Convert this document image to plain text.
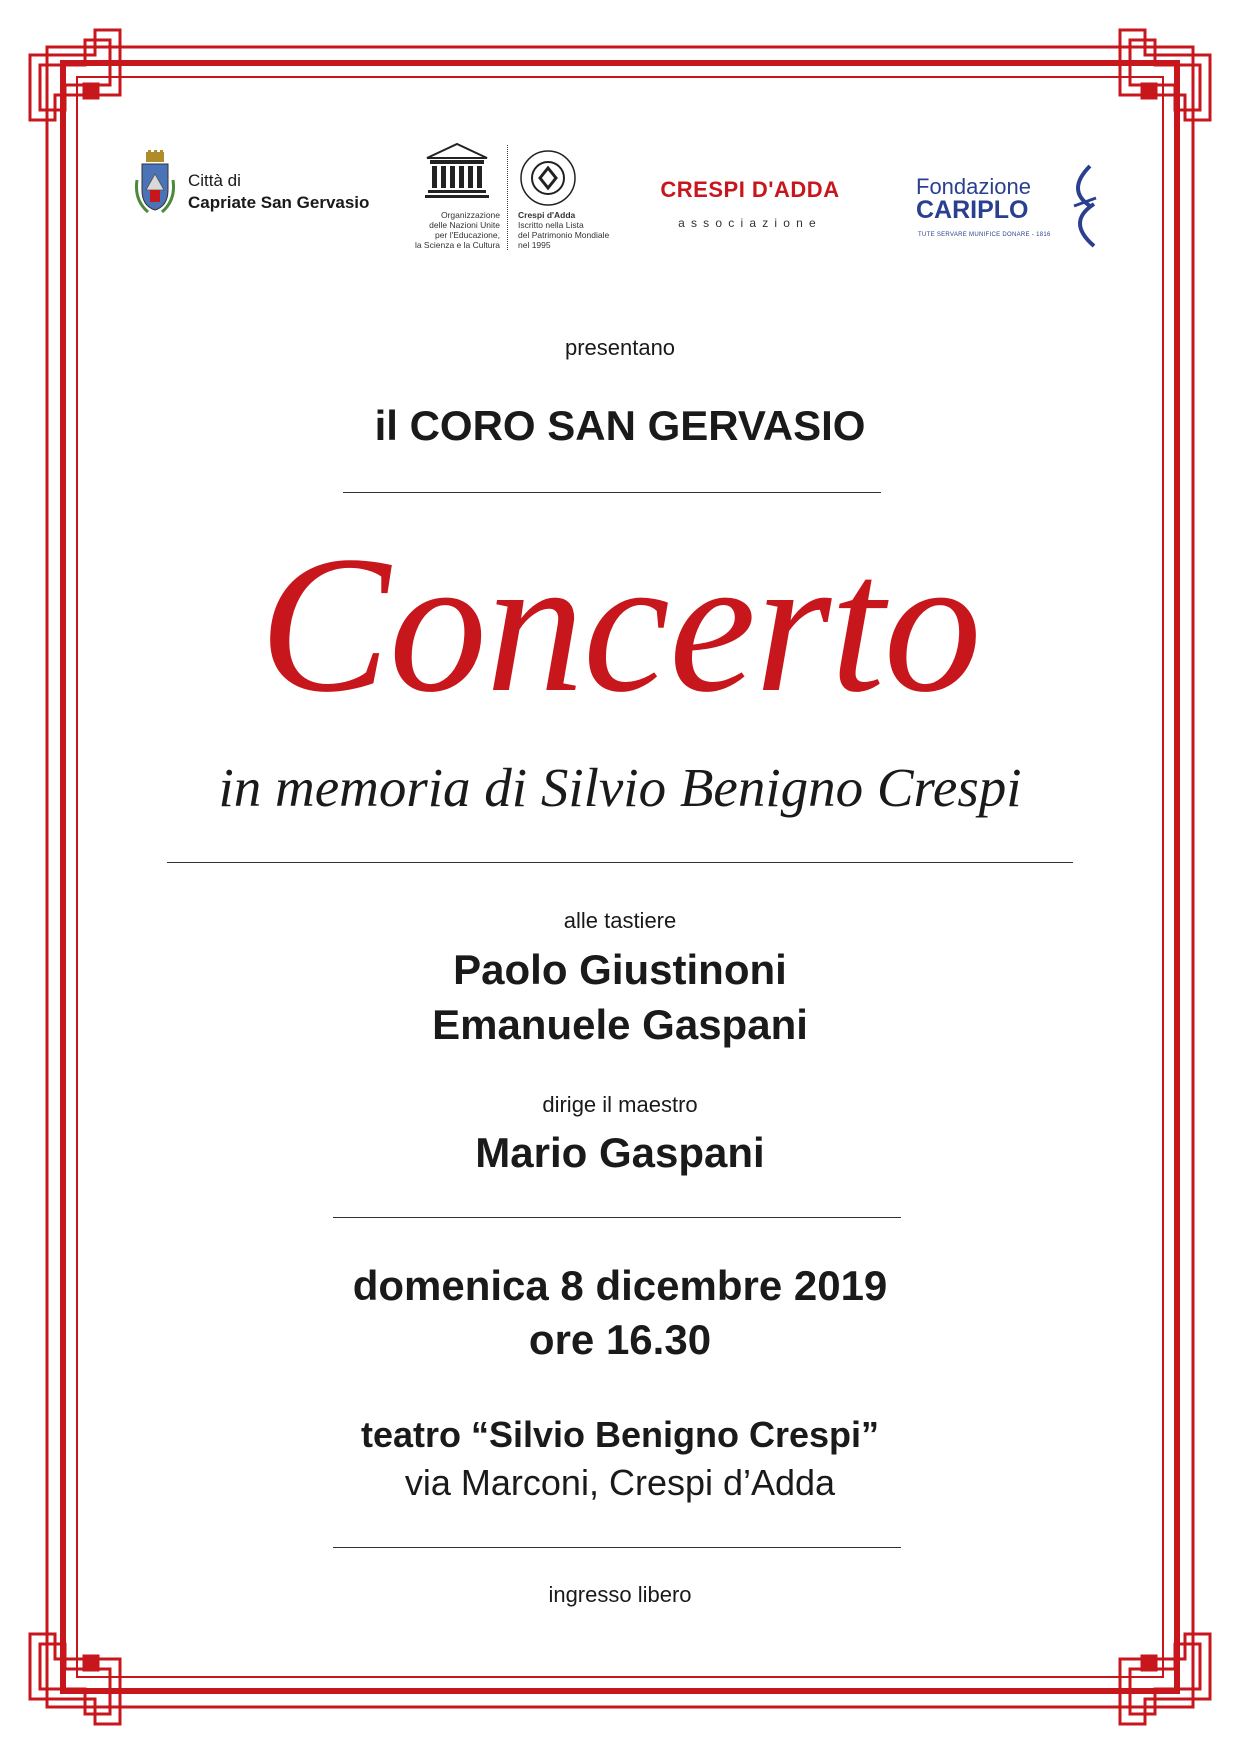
Città di
Capriate San Gervasio
Organizzazione
delle Nazioni Unite
per l'Educazione,
la Scienza e la Cultura
Crespi d'Adda
Iscritto nella Lista
del Patrimonio Mondiale
nel 1995
CRESPI D'ADDA
associazione
Fondazione
CARIPLO
TUTE SERVARE MUNIFICE DONARE - 1816
presentano
il CORO SAN GERVASIO
Concerto
in memoria di Silvio Benigno Crespi
alle tastiere
Paolo Giustinoni
Emanuele Gaspani
dirige il maestro
Mario Gaspani
domenica 8 dicembre 2019
ore 16.30
teatro “Silvio Benigno Crespi”
via Marconi, Crespi d’Adda
ingresso libero
